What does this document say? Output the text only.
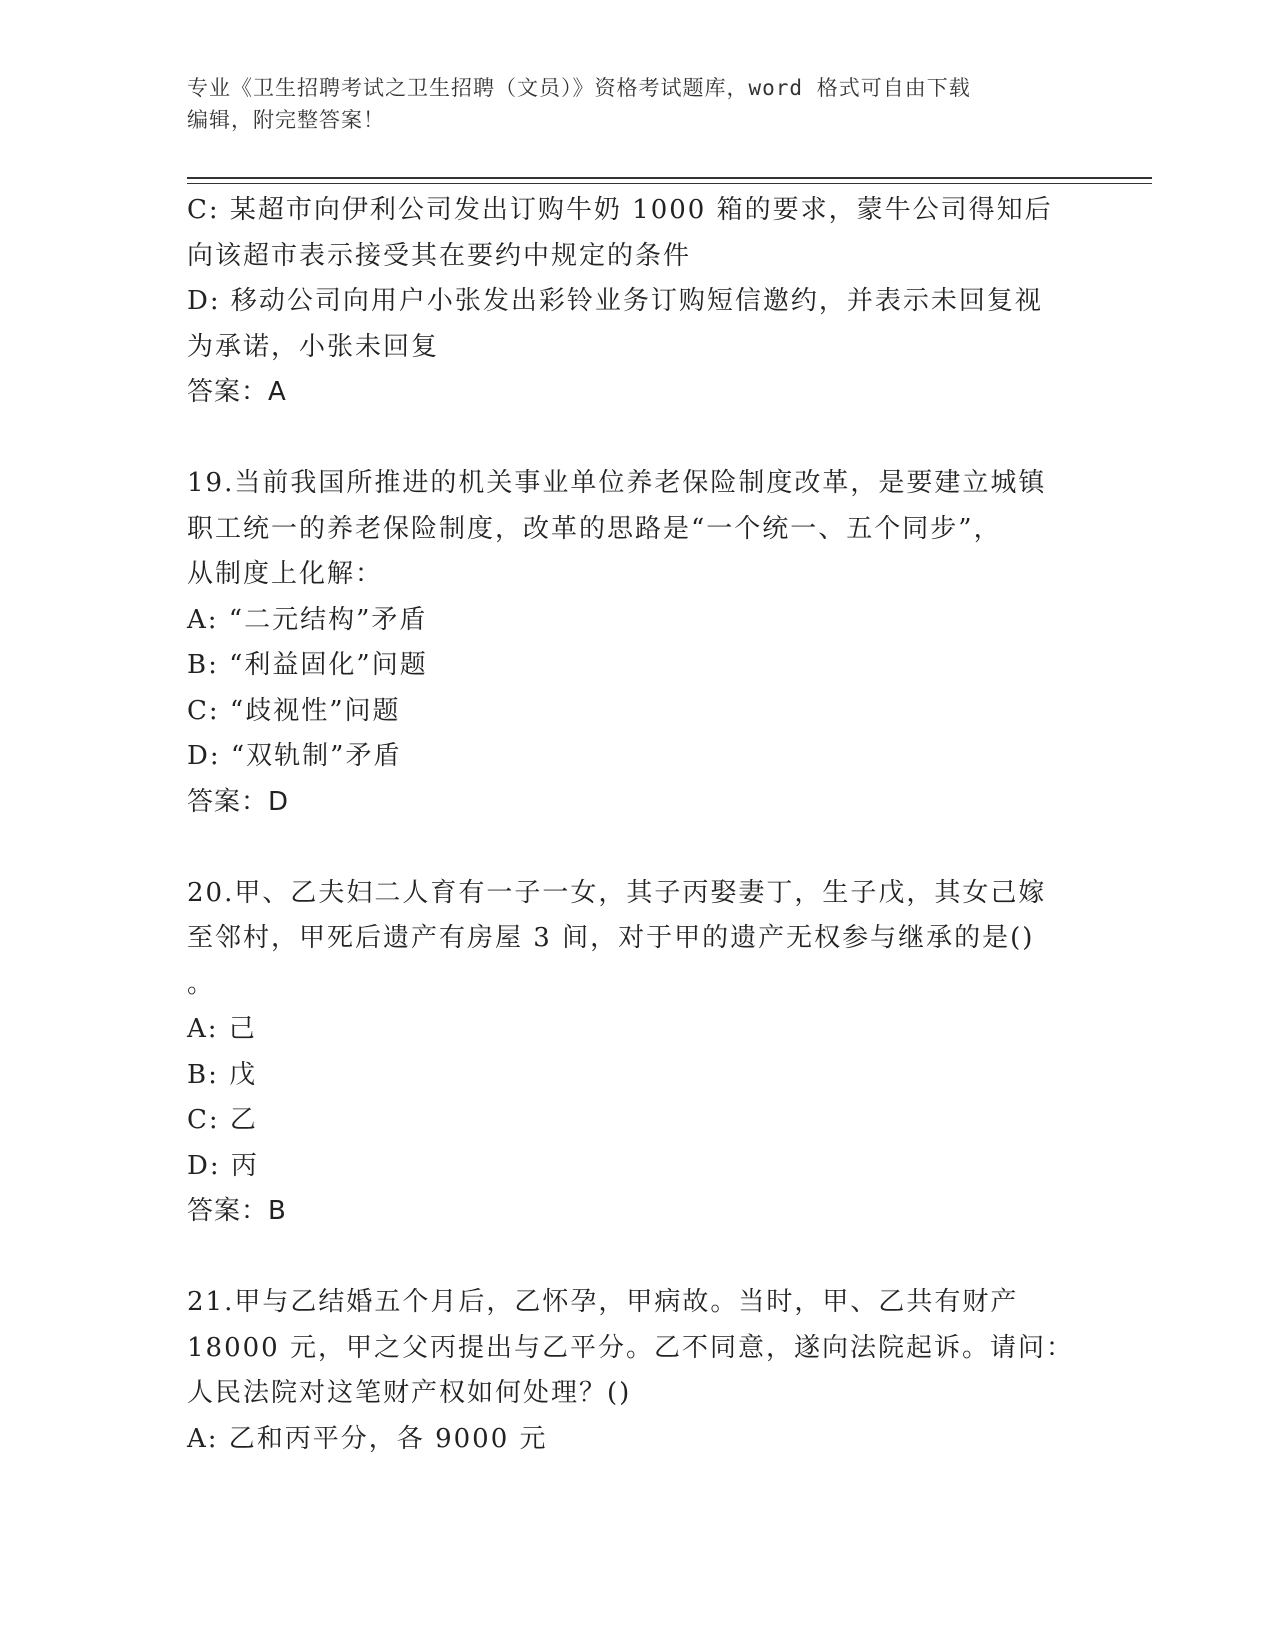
专业《卫生招聘考试之卫生招聘（文员）》资格考试题库，word 格式可自由下载
编辑，附完整答案！
C: 某超市向伊利公司发出订购牛奶 1000 箱的要求，蒙牛公司得知后
向该超市表示接受其在要约中规定的条件
D: 移动公司向用户小张发出彩铃业务订购短信邀约，并表示未回复视
为承诺，小张未回复
答案：A
19.当前我国所推进的机关事业单位养老保险制度改革，是要建立城镇
职工统一的养老保险制度，改革的思路是“一个统一、五个同步”，
从制度上化解：
A: “二元结构”矛盾
B: “利益固化”问题
C: “歧视性”问题
D: “双轨制”矛盾
答案：D
20.甲、乙夫妇二人育有一子一女，其子丙娶妻丁，生子戊，其女己嫁
至邻村，甲死后遗产有房屋 3 间，对于甲的遗产无权参与继承的是()
。
A: 己
B: 戊
C: 乙
D: 丙
答案：B
21.甲与乙结婚五个月后，乙怀孕，甲病故。当时，甲、乙共有财产
18000 元，甲之父丙提出与乙平分。乙不同意，遂向法院起诉。请问：
人民法院对这笔财产权如何处理？()
A: 乙和丙平分，各 9000 元
